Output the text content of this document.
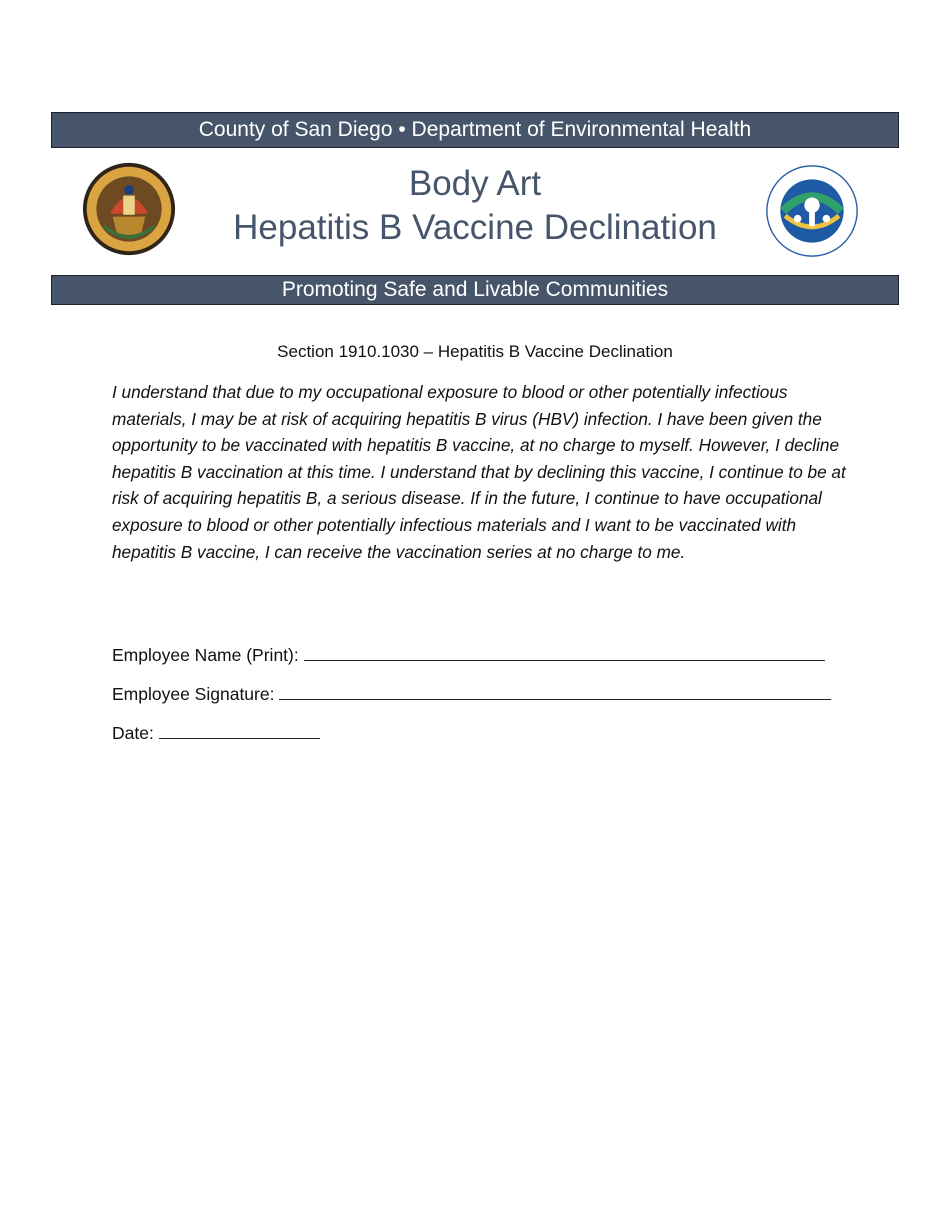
County of San Diego • Department of Environmental Health
Body Art
Hepatitis B Vaccine Declination
Promoting Safe and Livable Communities
Section 1910.1030 – Hepatitis B Vaccine Declination

I understand that due to my occupational exposure to blood or other potentially infectious materials, I may be at risk of acquiring hepatitis B virus (HBV) infection. I have been given the opportunity to be vaccinated with hepatitis B vaccine, at no charge to myself. However, I decline hepatitis B vaccination at this time. I understand that by declining this vaccine, I continue to be at risk of acquiring hepatitis B, a serious disease. If in the future, I continue to have occupational exposure to blood or other potentially infectious materials and I want to be vaccinated with hepatitis B vaccine, I can receive the vaccination series at no charge to me.

Employee Name (Print):
Employee Signature:
Date:
